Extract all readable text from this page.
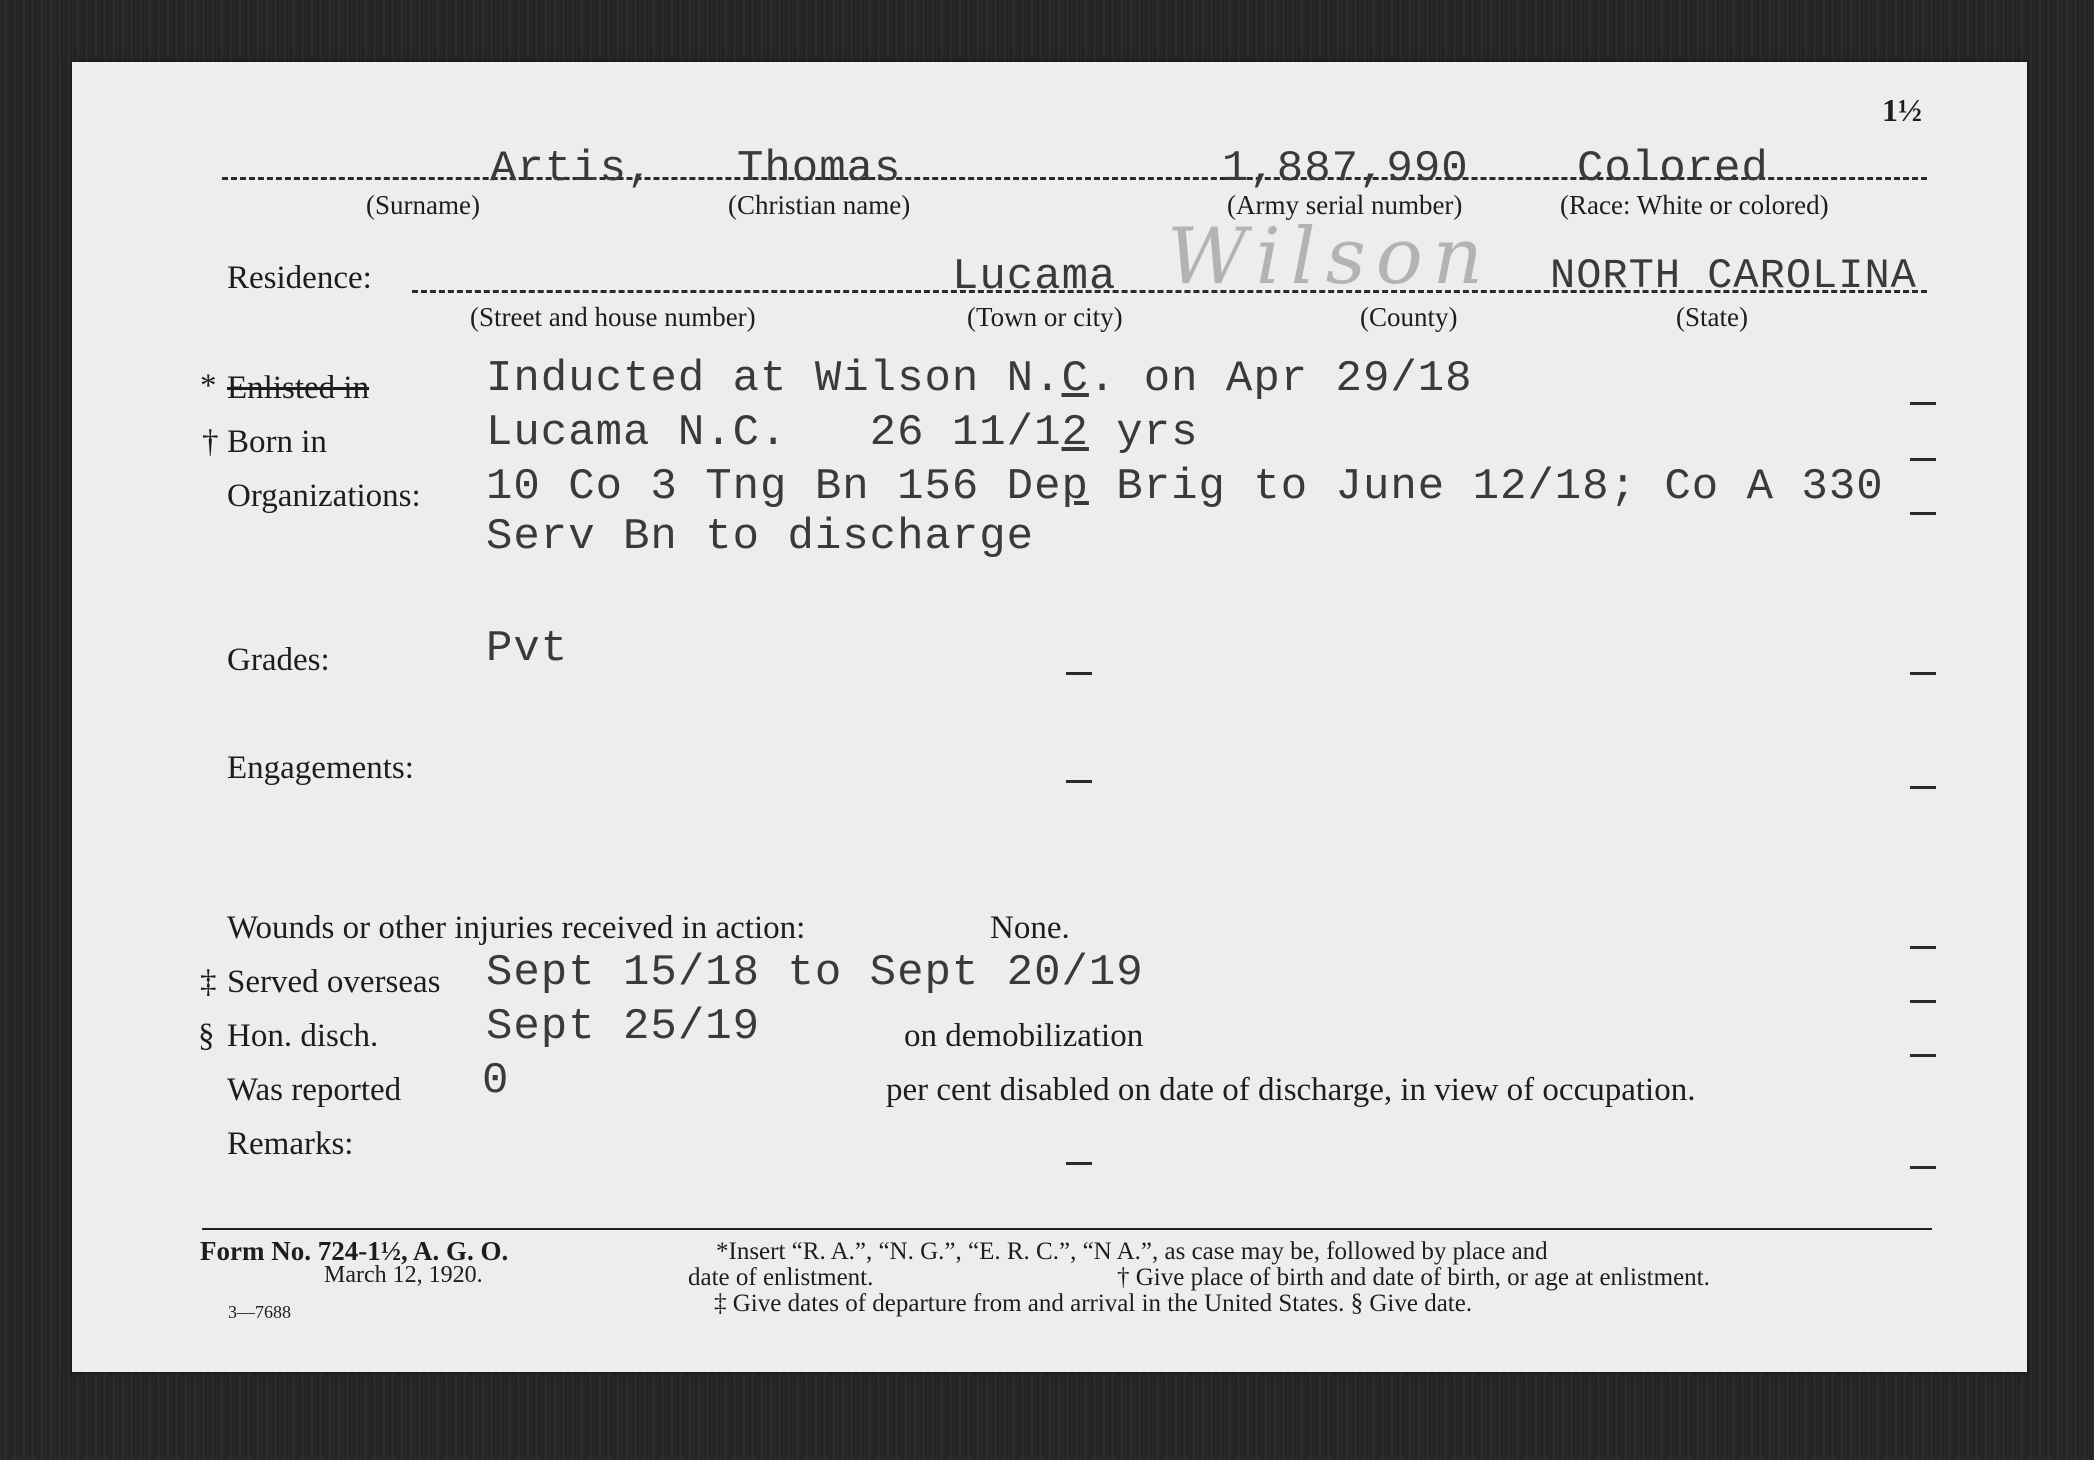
1½
Artis, Thomas	1,887,990 Colored
(Surname)	(Christian name)	(Army serial number)	(Race: White or colored)
Residence:	Lucama Wilson NORTH CAROLINA
(Street and house number)	(Town or city)	(County)	(State)
* Enlisted in	Inducted at Wilson N.C. on Apr 29/18
† Born in	Lucama N.C.   26 11/12 yrs
Organizations: 10 Co 3 Tng Bn 156 Dep Brig to June 12/18; Co A 330
Serv Bn to discharge
Grades:	Pvt
Engagements:
Wounds or other injuries received in action:	None.
‡ Served overseas Sept 15/18 to Sept 20/19
§ Hon. disch. Sept 25/19	on demobilization
Was reported 0	per cent disabled on date of discharge, in view of occupation.
Remarks:
Form No. 724-1½, A. G. O.
March 12, 1920.
3—7688
*Insert “R. A.”, “N. G.”, “E. R. C.”, “N A.”, as case may be, followed by place and
date of enlistment.	† Give place of birth and date of birth, or age at enlistment.
‡ Give dates of departure from and arrival in the United States. § Give date.
